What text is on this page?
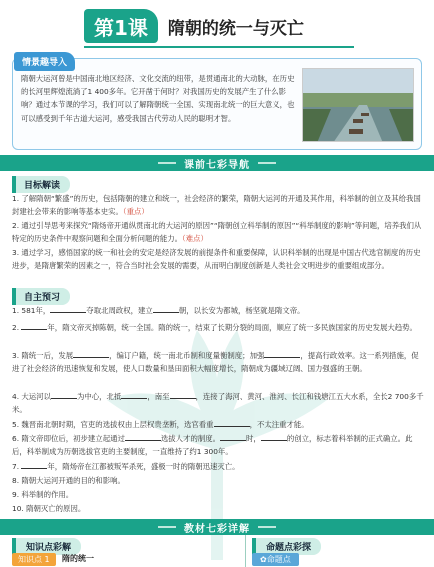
第1课	隋朝的统一与灭亡
情景趣导入
隋朝大运河曾是中国南北地区经济、文化交流的纽带，是贯通南北的大动脉，在历史的长河里辉煌流淌了1 400多年。它开凿于何时？对我国历史的发展产生了什么影响？通过本节课的学习，我们可以了解隋朝统一全国、实现南北统一的巨大意义，也可以感受到千年古道大运河，感受我国古代劳动人民的聪明才智。
课前七彩导航
目标解读
1. 了解隋朝“繁盛”的历史，包括隋朝的建立和统一，社会经济的繁荣，隋朝大运河的开通及其作用，科举制的创立及其给我国封建社会带来的影响等基本史实。（重点）
2. 通过引导思考来探究“隋炀帝开通纵贯南北的大运河的原因”“隋朝创立科举制的原因”“科举制度的影响”等问题，培养我们从特定的历史条件中观察问题和全面分析问题的能力。（难点）
3. 通过学习，感悟国家的统一和社会的安定是经济发展的前提条件和重要保障，认识科举制的出现是中国古代选官制度的历史进步，是隋唐繁荣的因素之一，符合当时社会发展的需要，从而明白制度创新是人类社会文明进步的重要组成部分。
自主预习
1. 581年，	夺取北周政权，建立	朝，以长安为都城，杨坚就是隋文帝。
2.	年，隋文帝灭掉陈朝，统一全国。隋的统一，结束了长期分裂的局面，顺应了统一多民族国家的历史发展大趋势。
3. 隋统一后，发展	，编订户籍，统一南北币制和度量衡制度；加强	，提高行政效率。这一系列措施，促进了社会经济的迅速恢复和发展，使人口数量和垦田面积大幅度增长，隋朝成为疆域辽阔、国力强盛的王朝。
4. 大运河以	为中心，北抵	，南至	，连接了海河、黄河、淮河、长江和钱塘江五大水系，全长2 700多千米。
5. 魏晋南北朝时期，官吏的选拔权由上层权贵垄断，选官看重	，不太注重才能。
6. 隋文帝即位后，初步建立起通过	选拔人才的制度。	时，	的创立，标志着科举制的正式确立。此后，科举制成为历朝选拔官吏的主要制度，一直维持了约1 300年。
7.	年，隋炀帝在江都被叛军杀死，盛极一时的隋朝迅速灭亡。
8. 隋朝大运河开通的目的和影响。
9. 科举制的作用。
10. 隋朝灭亡的原因。
教材七彩详解
知识点彩解	命题点彩探
知识点 1	隋的统一	✿命题点
